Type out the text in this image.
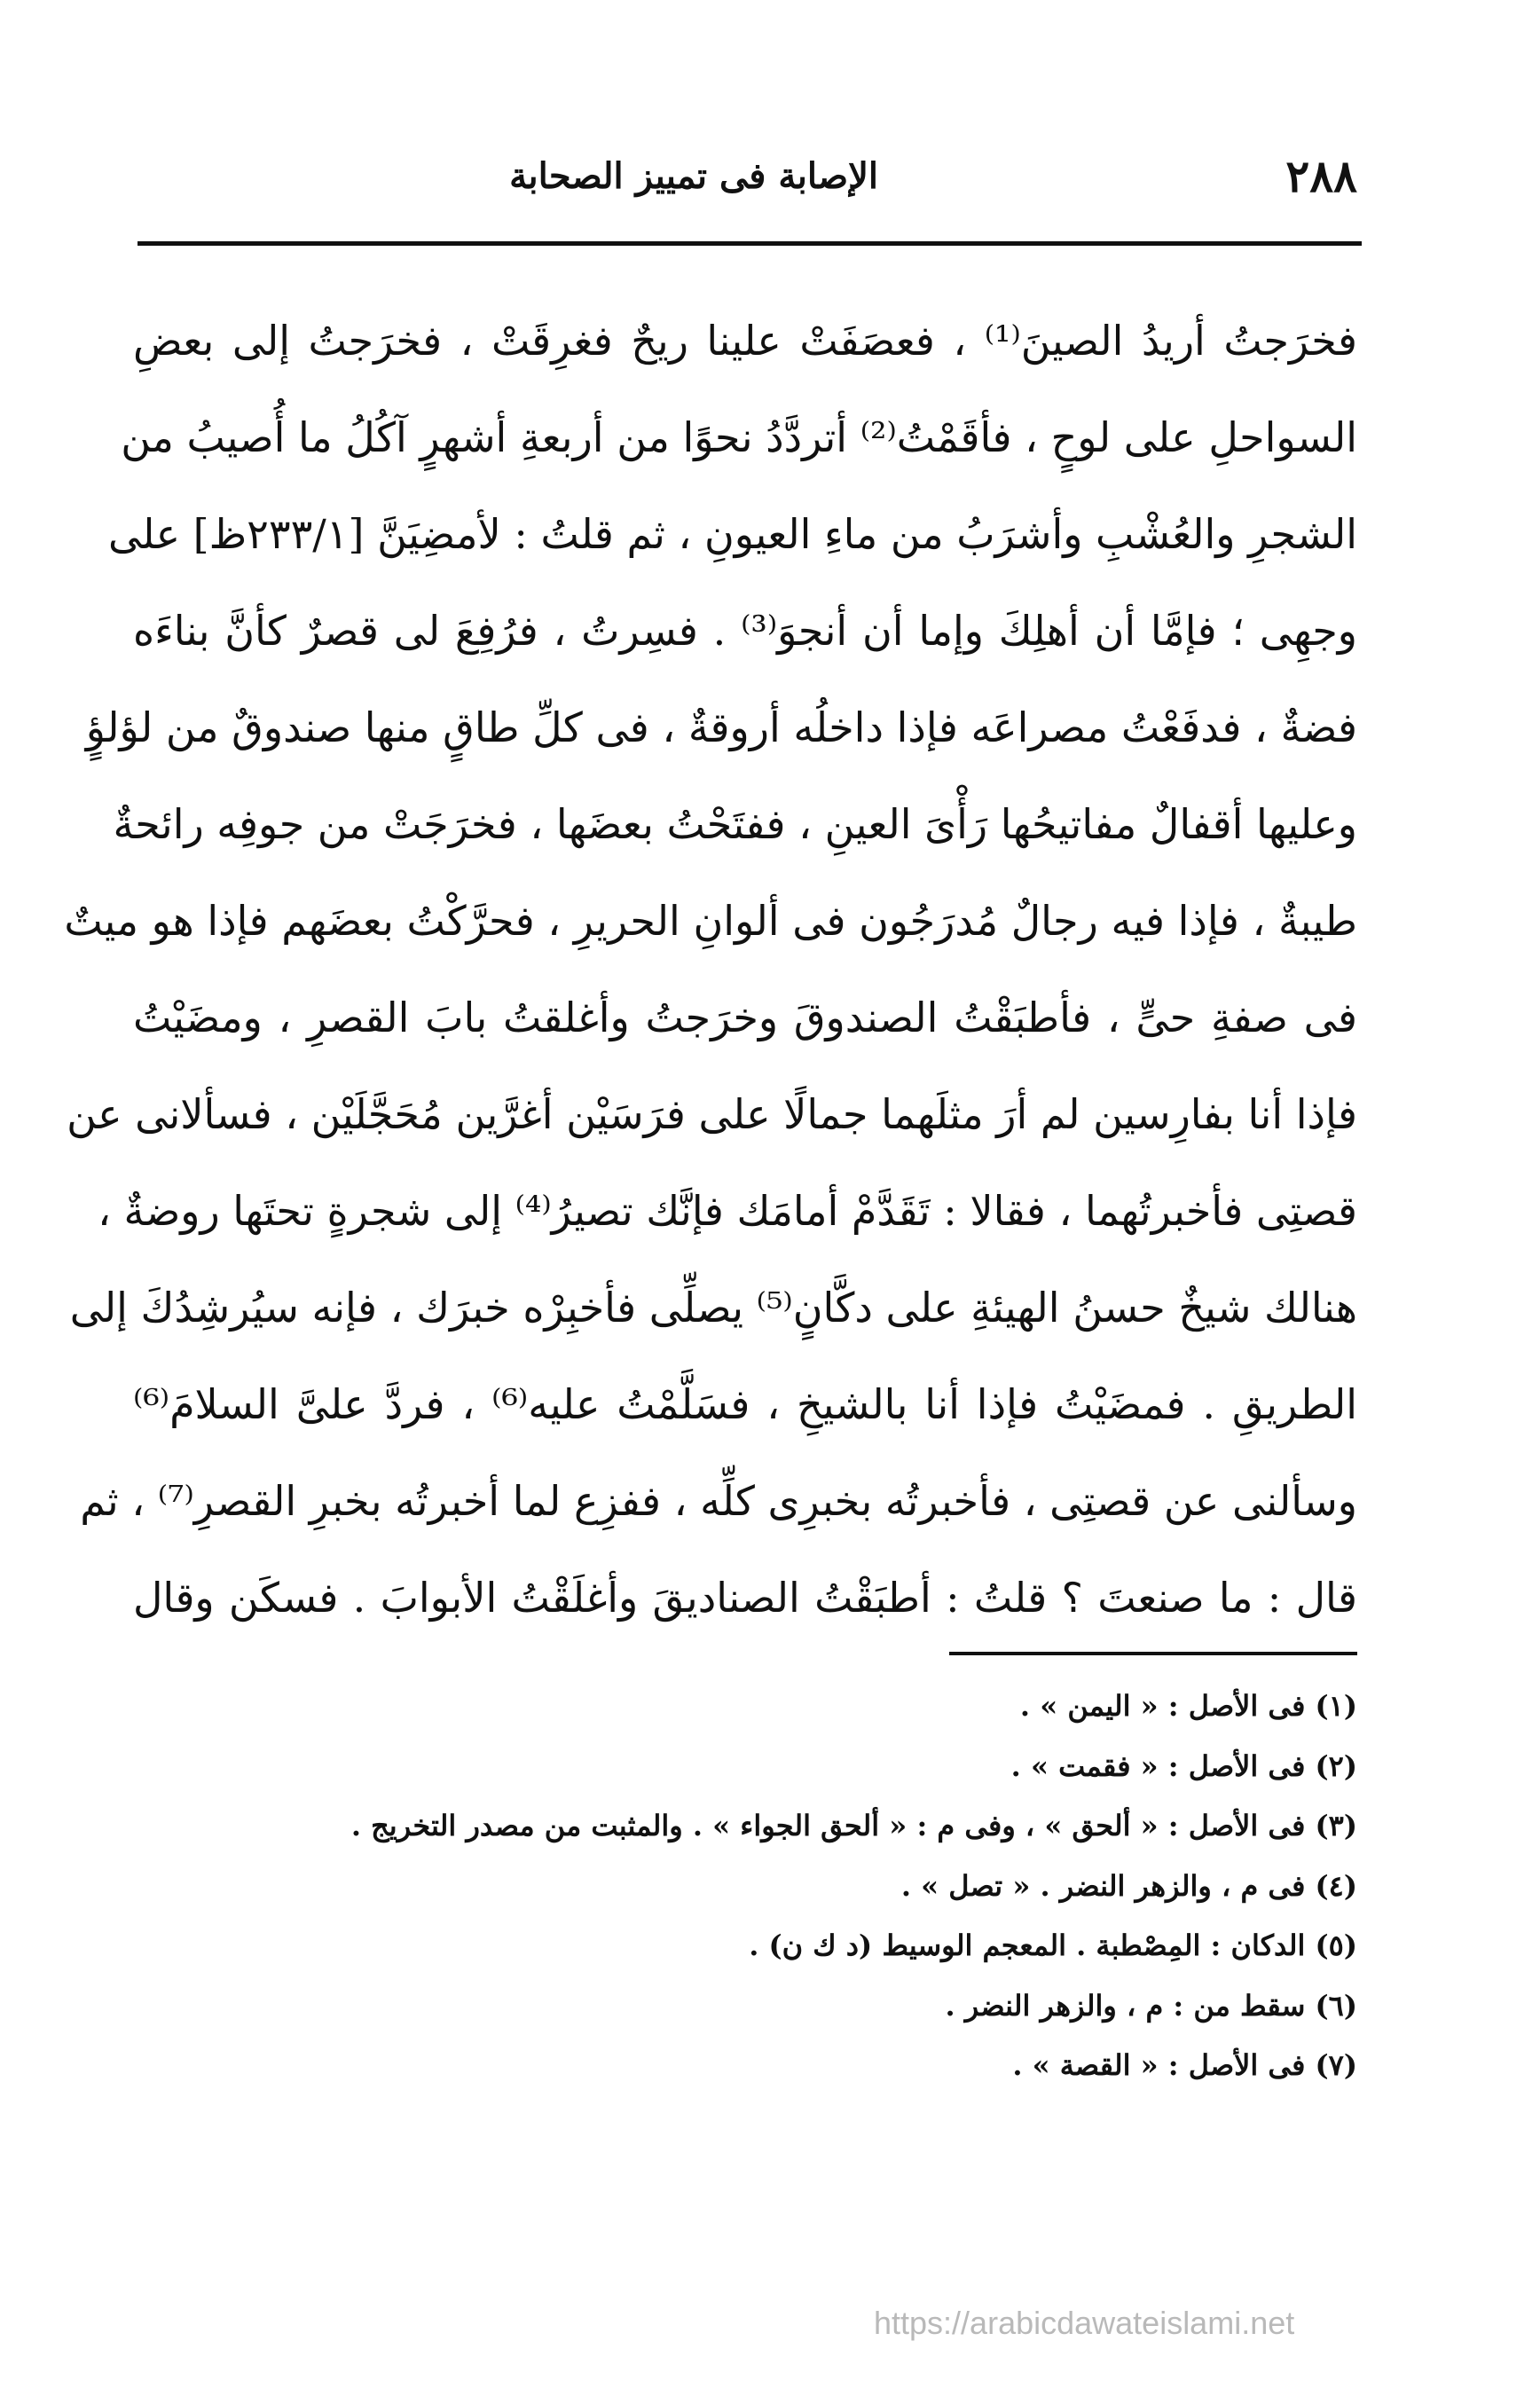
الإصابة فى تمييز الصحابة	٢٨٨
فخرَجتُ أريدُ الصينَ⁽¹⁾ ، فعصَفَتْ علينا ريحٌ فغرِقَتْ ، فخرَجتُ إلى بعضِ
السواحلِ على لوحٍ ، فأقَمْتُ⁽²⁾ أتردَّدُ نحوًا من أربعةِ أشهرٍ آكُلُ ما أُصيبُ من
الشجرِ والعُشْبِ وأشرَبُ من ماءِ العيونِ ، ثم قلتُ : لأمضِيَنَّ [٢٣٣/١ظ] على
وجهِى ؛ فإمَّا أن أهلِكَ وإما أن أنجوَ⁽³⁾ . فسِرتُ ، فرُفِعَ لى قصرٌ كأنَّ بناءَه
فضةٌ ، فدفَعْتُ مصراعَه فإذا داخلُه أروقةٌ ، فى كلِّ طاقٍ منها صندوقٌ من لؤلؤٍ
وعليها أقفالٌ مفاتيحُها رَأْىَ العينِ ، ففتَحْتُ بعضَها ، فخرَجَتْ من جوفِه رائحةٌ
طيبةٌ ، فإذا فيه رجالٌ مُدرَجُون فى ألوانِ الحريرِ ، فحرَّكْتُ بعضَهم فإذا هو ميتٌ
فى صفةِ حىٍّ ، فأطبَقْتُ الصندوقَ وخرَجتُ وأغلقتُ بابَ القصرِ ، ومضَيْتُ
فإذا أنا بفارِسين لم أرَ مثلَهما جمالًا على فرَسَيْن أغرَّين مُحَجَّلَيْن ، فسألانى عن
قصتِى فأخبرتُهما ، فقالا : تَقَدَّمْ أمامَك فإنَّك تصيرُ⁽⁴⁾ إلى شجرةٍ تحتَها روضةٌ ،
هنالك شيخٌ حسنُ الهيئةِ على دكَّانٍ⁽⁵⁾ يصلِّى فأخبِرْه خبرَك ، فإنه سيُرشِدُكَ إلى
الطريقِ . فمضَيْتُ فإذا أنا بالشيخِ ، فسَلَّمْتُ عليه⁽⁶⁾ ، فردَّ علىَّ السلامَ⁽⁶⁾
وسألنى عن قصتِى ، فأخبرتُه بخبرِى كلِّه ، ففزِع لما أخبرتُه بخبرِ القصرِ⁽⁷⁾ ، ثم
قال : ما صنعتَ ؟ قلتُ : أطبَقْتُ الصناديقَ وأغلَقْتُ الأبوابَ . فسكَن وقال
(١) فى الأصل : « اليمن » .
(٢) فى الأصل : « فقمت » .
(٣) فى الأصل : « ألحق » ، وفى م : « ألحق الجواء » . والمثبت من مصدر التخريج .
(٤) فى م ، والزهر النضر . « تصل » .
(٥) الدكان : المِصْطبة . المعجم الوسيط (د ك ن) .
(٦) سقط من : م ، والزهر النضر .
(٧) فى الأصل : « القصة » .
https://arabicdawateislami.net
